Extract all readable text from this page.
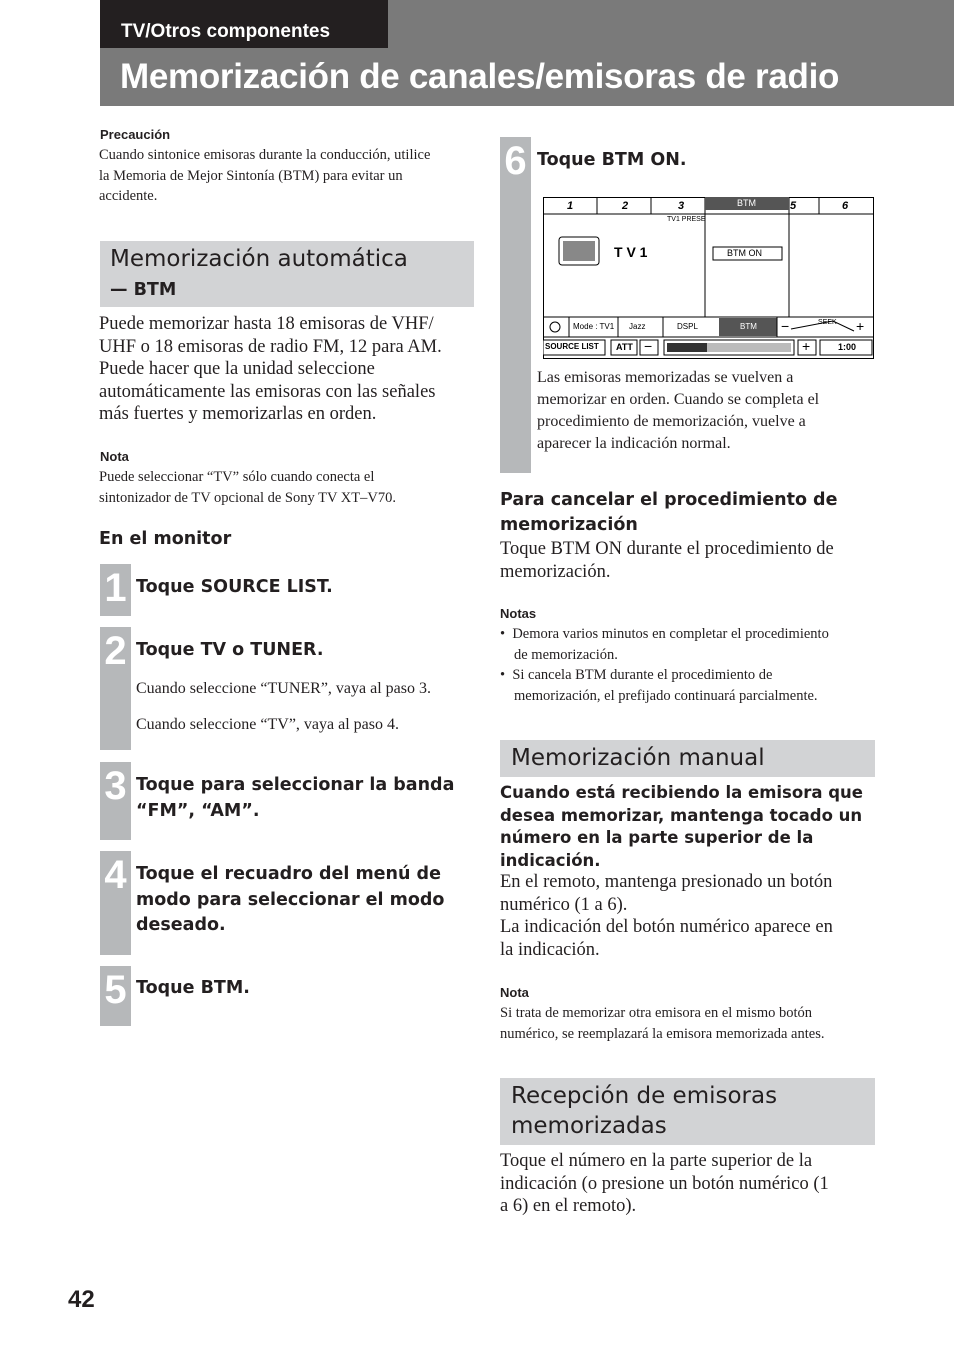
TV/Otros componentes
Memorización de canales/emisoras de radio
Precaución
Cuando sintonice emisoras durante la conducción, utilice
la Memoria de Mejor Sintonía (BTM) para evitar un
accidente.
Memorización automática
— BTM
Puede memorizar hasta 18 emisoras de VHF/
UHF o 18 emisoras de radio FM, 12 para AM.
Puede hacer que la unidad seleccione
automáticamente las emisoras con las señales
más fuertes y memorizarlas en orden.
Nota
Puede seleccionar “TV” sólo cuando conecta el
sintonizador de TV opcional de Sony TV XT–V70.
En el monitor
1 Toque SOURCE LIST.
2 Toque TV o TUNER.
Cuando seleccione “TUNER”, vaya al paso 3.
Cuando seleccione “TV”, vaya al paso 4.
3 Toque para seleccionar la banda
“FM”, “AM”.
4 Toque el recuadro del menú de
modo para seleccionar el modo
deseado.
5 Toque BTM.
6 Toque BTM ON.
1	2	3	5	6
BTM
TV1 PRESE
T V 1	BTM ON
Mode : TV1 Jazz	DSPL	BTM −	SEEK +
SOURCE LIST ATT −	+	1:00
Las emisoras memorizadas se vuelven a
memorizar en orden. Cuando se completa el
procedimiento de memorización, vuelve a
aparecer la indicación normal.
Para cancelar el procedimiento de
memorización
Toque BTM ON durante el procedimiento de
memorización.
Notas
•  Demora varios minutos en completar el procedimiento
de memorización.
•  Si cancela BTM durante el procedimiento de
memorización, el prefijado continuará parcialmente.
Memorización manual
Cuando está recibiendo la emisora que
desea memorizar, mantenga tocado un
número en la parte superior de la
indicación.
En el remoto, mantenga presionado un botón
numérico (1 a 6).
La indicación del botón numérico aparece en
la indicación.
Nota
Si trata de memorizar otra emisora en el mismo botón
numérico, se reemplazará la emisora memorizada antes.
Recepción de emisoras
memorizadas
Toque el número en la parte superior de la
indicación (o presione un botón numérico (1
a 6) en el remoto).
42
